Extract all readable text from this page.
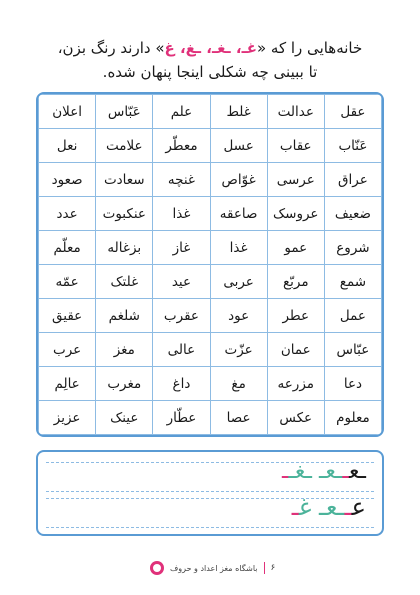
خانه‌هایی را که «غـ، ـغـ، ـغ، غ» دارند رنگ بزن،
تا ببینی چه شکلی اینجا پنهان شده.
عقل	عدالت	غلط	علم	عَبّاس	اعلان
عَنّاب	عقاب	عسل	معطّر	علامت	نعل
عراق	عرسی	غوّاص	غنچه	سعادت	صعود
ضعیف	عروسک	صاعقه	غذا	عنکبوت	عدد
شروع	عمو	غذا	غاز	بزغاله	معلّم
شمع	مربّع	عربی	عید	غلتک	عمّه
عمل	عطر	عود	عقرب	شلغم	عقیق
عبّاس	عمان	عزّت	عالی	مغز	عرب
دعا	مزرعه	مغ	داغ	مغرب	عالِم
معلوم	عکس	عصا	عطّار	عینک	عزیز
ـعــعـ ـغــ
عــعـ غـ
۶
باشگاه مغز اعداد و حروف
